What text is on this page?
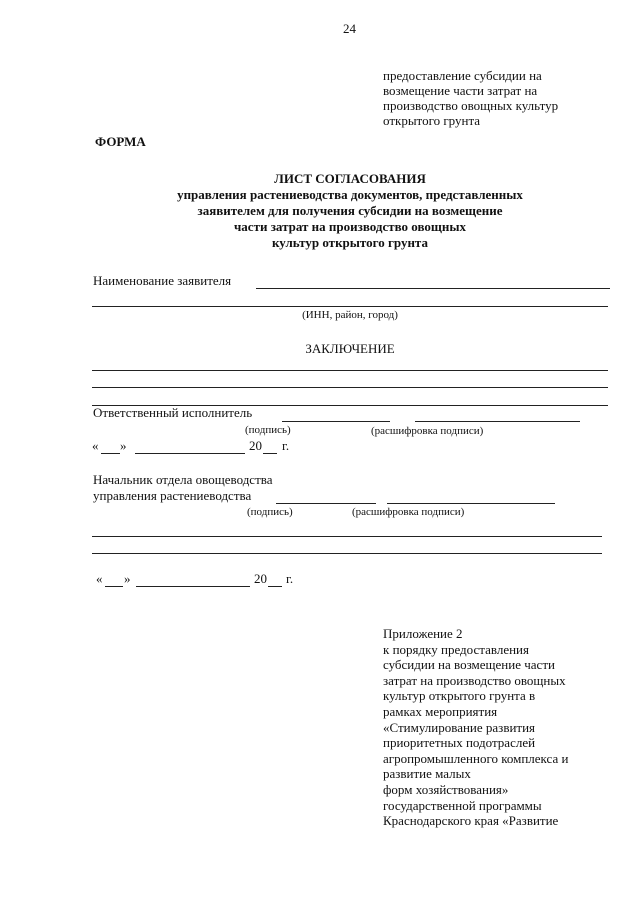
24
предоставление субсидии на
возмещение части затрат на
производство овощных культур
открытого грунта
ФОРМА
ЛИСТ СОГЛАСОВАНИЯ
управления растениеводства документов, представленных
заявителем для получения субсидии на возмещение
части затрат на производство овощных
культур открытого грунта
Наименование заявителя
(ИНН, район, город)
ЗАКЛЮЧЕНИЕ
Ответственный исполнитель
(подпись)	(расшифровка подписи)
« »	20 г.
Начальник отдела овощеводства
управления растениеводства
(подпись)	(расшифровка подписи)
« »	20 г.
Приложение 2
к порядку предоставления
субсидии на возмещение части
затрат на производство овощных
культур открытого грунта в
рамках мероприятия
«Стимулирование развития
приоритетных подотраслей
агропромышленного комплекса и
развитие малых
форм хозяйствования»
государственной программы
Краснодарского края «Развитие
